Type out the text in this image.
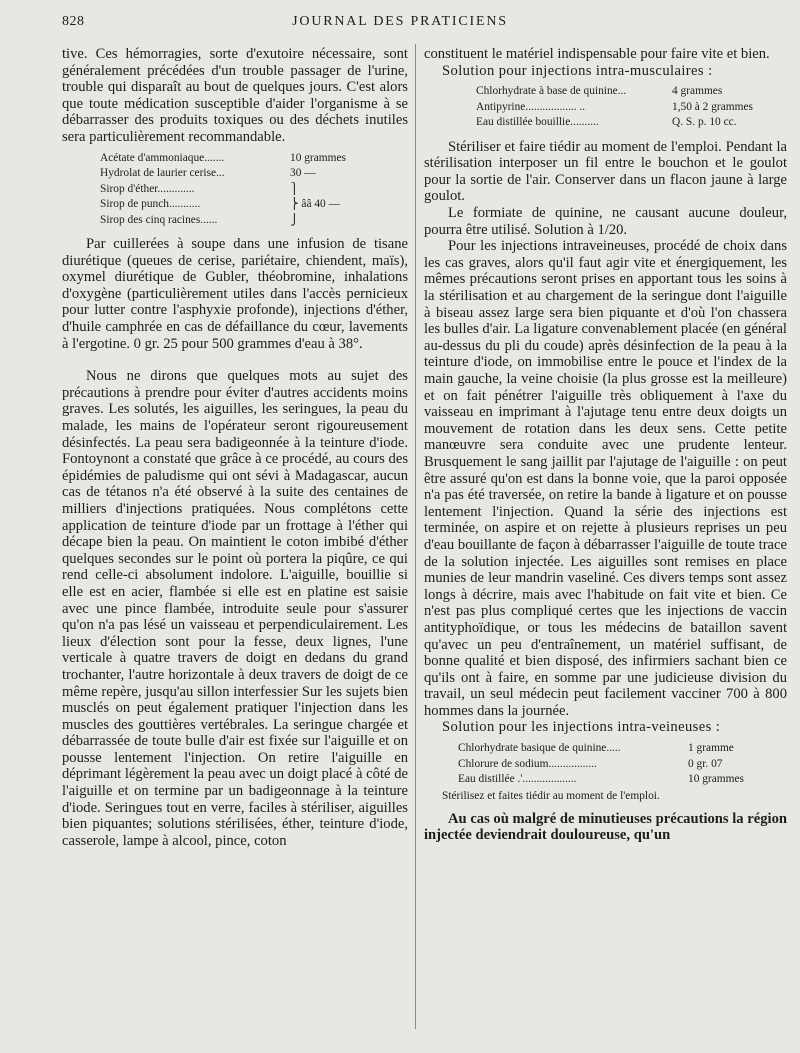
828	JOURNAL DES PRATICIENS

tive. Ces hémorragies, sorte d'exutoire nécessaire, sont généralement précédées d'un trouble passager de l'urine, trouble qui disparaît au bout de quelques jours. C'est alors que toute médication susceptible d'aider l'organisme à se débarrasser des produits toxiques ou des déchets inutiles sera particulièrement recommandable.

Acétate d'ammoniaque.......	10 grammes
Hydrolat de laurier cerise...	30 —
Sirop d'éther.............	⎫
Sirop de punch...........	⎬ ââ 40 —
Sirop des cinq racines......	⎭

Par cuillerées à soupe dans une infusion de tisane diurétique (queues de cerise, pariétaire, chiendent, maïs), oxymel diurétique de Gubler, théobromine, inhalations d'oxygène (particulièrement utiles dans l'accès pernicieux pour lutter contre l'asphyxie profonde), injections d'éther, d'huile camphrée en cas de défaillance du cœur, lavements à l'ergotine. 0 gr. 25 pour 500 grammes d'eau à 38°.

Nous ne dirons que quelques mots au sujet des précautions à prendre pour éviter d'autres accidents moins graves. Les solutés, les aiguilles, les seringues, la peau du malade, les mains de l'opérateur seront rigoureusement désinfectés. La peau sera badigeonnée à la teinture d'iode. Fontoynont a constaté que grâce à ce procédé, au cours des épidémies de paludisme qui ont sévi à Madagascar, aucun cas de tétanos n'a été observé à la suite des centaines de milliers d'injections pratiquées. Nous complétons cette application de teinture d'iode par un frottage à l'éther qui décape bien la peau. On maintient le coton imbibé d'éther quelques secondes sur le point où portera la piqûre, ce qui rend celle-ci absolument indolore. L'aiguille, bouillie si elle est en acier, flambée si elle est en platine est saisie avec une pince flambée, introduite seule pour s'assurer qu'on n'a pas lésé un vaisseau et perpendiculairement. Les lieux d'élection sont pour la fesse, deux lignes, l'une verticale à quatre travers de doigt en dedans du grand trochanter, l'autre horizontale à deux travers de doigt de ce même repère, jusqu'au sillon interfessier Sur les sujets bien musclés on peut également pratiquer l'injection dans les muscles des gouttières vertébrales. La seringue chargée et débarrassée de toute bulle d'air est fixée sur l'aiguille et on pousse lentement l'injection. On retire l'aiguille en déprimant légèrement la peau avec un doigt placé à côté de l'aiguille et on termine par un badigeonnage à la teinture d'iode. Seringues tout en verre, faciles à stériliser, aiguilles bien piquantes; solutions stérilisées, éther, teinture d'iode, casserole, lampe à alcool, pince, coton

constituent le matériel indispensable pour faire vite et bien.

Solution pour injections intra-musculaires :

Chlorhydrate à base de quinine...	4 grammes
Antipyrine.................. ..	1,50 à 2 grammes
Eau distillée bouillie..........	Q. S. p. 10 cc.

Stériliser et faire tiédir au moment de l'emploi. Pendant la stérilisation interposer un fil entre le bouchon et le goulot pour la sortie de l'air. Conserver dans un flacon jaune à large goulot.

Le formiate de quinine, ne causant aucune douleur, pourra être utilisé. Solution à 1/20.

Pour les injections intraveineuses, procédé de choix dans les cas graves, alors qu'il faut agir vite et énergiquement, les mêmes précautions seront prises en apportant tous les soins à la stérilisation et au chargement de la seringue dont l'aiguille à biseau assez large sera bien piquante et d'où l'on chassera les bulles d'air. La ligature convenablement placée (en général au-dessus du pli du coude) après désinfection de la peau à la teinture d'iode, on immobilise entre le pouce et l'index de la main gauche, la veine choisie (la plus grosse est la meilleure) et on fait pénétrer l'aiguille très obliquement à l'axe du vaisseau en imprimant à l'ajutage tenu entre deux doigts un mouvement de rotation dans les deux sens. Cette petite manœuvre sera conduite avec une prudente lenteur. Brusquement le sang jaillit par l'ajutage de l'aiguille : on peut être assuré qu'on est dans la bonne voie, que la paroi opposée n'a pas été traversée, on retire la bande à ligature et on pousse lentement l'injection. Quand la série des injections est terminée, on aspire et on rejette à plusieurs reprises un peu d'eau bouillante de façon à débarrasser l'aiguille de toute trace de la solution injectée. Les aiguilles sont remises en place munies de leur mandrin vaseliné. Ces divers temps sont assez longs à décrire, mais avec l'habitude on fait vite et bien. Ce n'est pas plus compliqué certes que les injections de vaccin antityphoïdique, or tous les médecins de bataillon savent qu'avec un peu d'entraînement, un matériel suffisant, de bonne qualité et bien disposé, des infirmiers sachant bien ce qu'ils ont à faire, en somme par une judicieuse division du travail, un seul médecin peut facilement vacciner 700 à 800 hommes dans la journée.

Solution pour les injections intra-veineuses :

Chlorhydrate basique de quinine.....	1 gramme
Chlorure de sodium.................	0 gr. 07
Eau distillée .'...................	10 grammes
Stérilisez et faites tiédir au moment de l'emploi.

Au cas où malgré de minutieuses précautions la région injectée deviendrait douloureuse, qu'un
